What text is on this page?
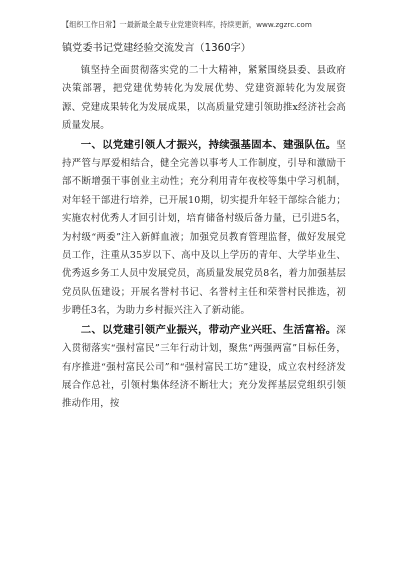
【组织工作日常】一最新最全最专业党建资料库，持续更新，www.zgzrc.com
镇党委书记党建经验交流发言（1360字）

镇坚持全面贯彻落实党的二十大精神，紧紧围绕县委、县政府决策部署，把党建优势转化为发展优势、党建资源转化为发展资源、党建成果转化为发展成果，以高质量党建引领助推x经济社会高质量发展。

一、以党建引领人才振兴，持续强基固本、建强队伍。坚持严管与厚爱相结合，健全完善以事考人工作制度，引导和激励干部不断增强干事创业主动性；充分利用青年夜校等集中学习机制，对年轻干部进行培养，已开展10期，切实提升年轻干部综合能力；实施农村优秀人才回引计划，培育储备村级后备力量，已引进5名，为村级“两委”注入新鲜血液；加强党员教育管理监督，做好发展党员工作，注重从35岁以下、高中及以上学历的青年、大学毕业生、优秀返乡务工人员中发展党员，高质量发展党员8名，着力加强基层党员队伍建设；开展名誉村书记、名誉村主任和荣誉村民推选，初步聘任3名，为助力乡村振兴注入了新动能。

二、以党建引领产业振兴，带动产业兴旺、生活富裕。深入贯彻落实“强村富民”三年行动计划，聚焦“两强两富”目标任务，有序推进“强村富民公司”和“强村富民工坊”建设，成立农村经济发展合作总社，引领村集体经济不断壮大；充分发挥基层党组织引领推动作用，按
